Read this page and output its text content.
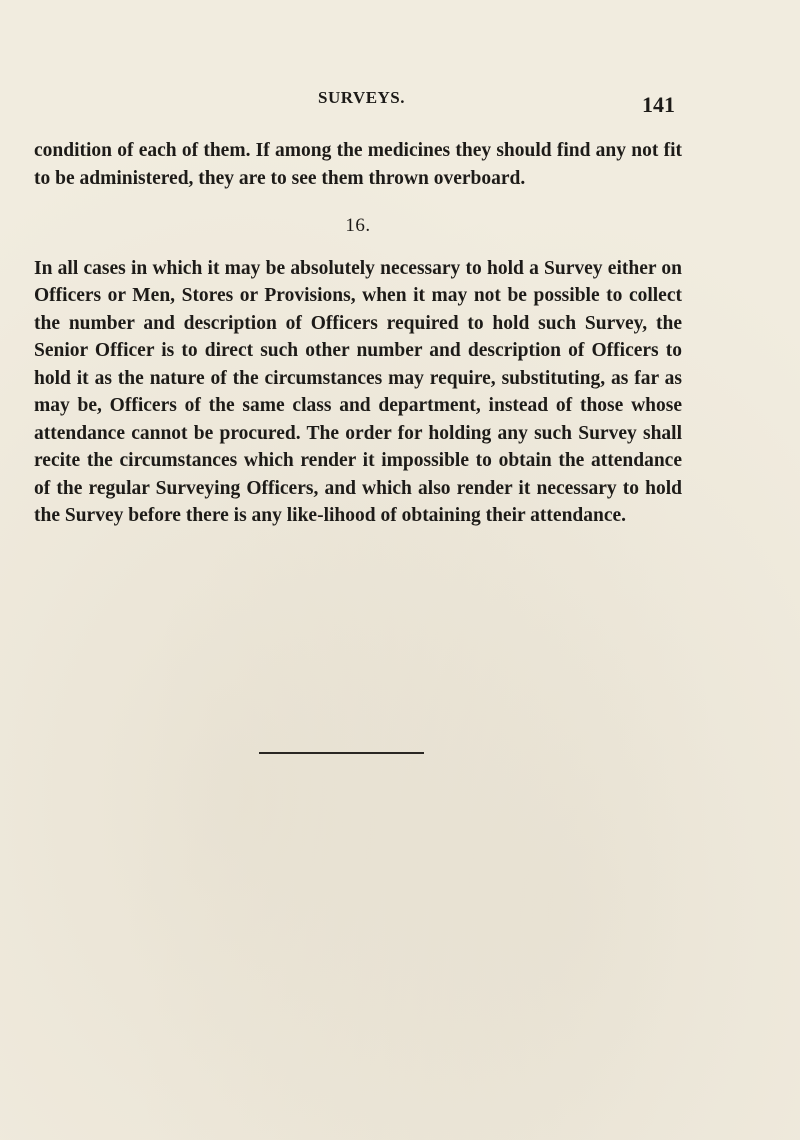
SURVEYS.	141

condition of each of them. If among the medicines they should find any not fit to be administered, they are to see them thrown overboard.

16.

In all cases in which it may be absolutely necessary to hold a Survey either on Officers or Men, Stores or Provisions, when it may not be possible to collect the number and description of Officers required to hold such Survey, the Senior Officer is to direct such other number and description of Officers to hold it as the nature of the circumstances may require, substituting, as far as may be, Officers of the same class and department, instead of those whose attendance cannot be procured. The order for holding any such Survey shall recite the circumstances which render it impossible to obtain the attendance of the regular Surveying Officers, and which also render it necessary to hold the Survey before there is any like-lihood of obtaining their attendance.
